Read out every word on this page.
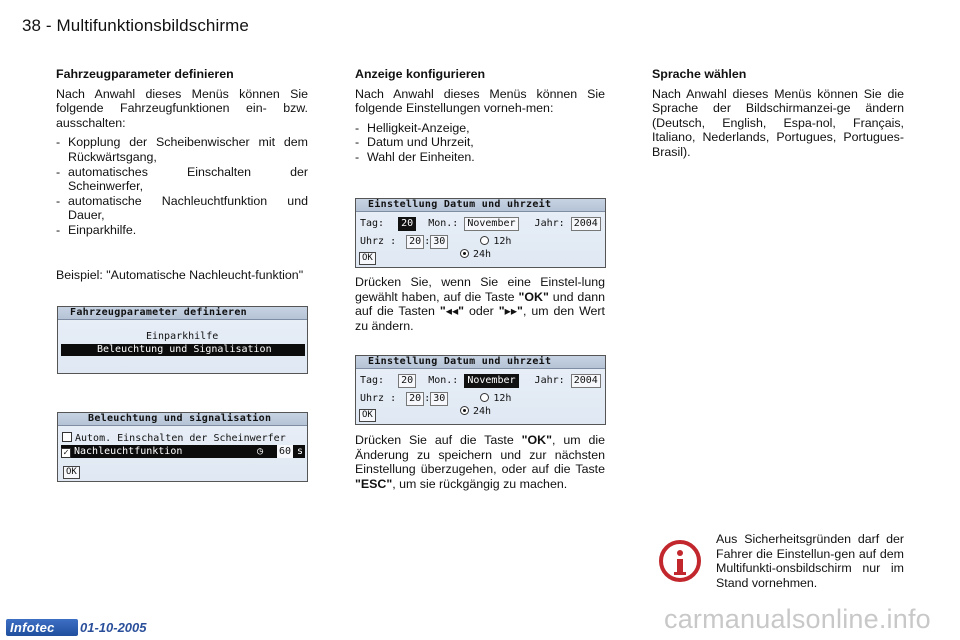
38 - Multifunktionsbildschirme
Fahrzeugparameter definieren

Nach Anwahl dieses Menüs können Sie folgende Fahrzeugfunktionen ein- bzw. ausschalten:

- Kopplung der Scheibenwischer mit dem Rückwärtsgang,
- automatisches Einschalten der Scheinwerfer,
- automatische Nachleuchtfunktion und Dauer,
- Einparkhilfe.
Beispiel: "Automatische Nachleucht-funktion"
Fahrzeugparameter definieren
Einparkhilfe
Beleuchtung und Signalisation
Beleuchtung und signalisation
Autom. Einschalten der Scheinwerfer
✓ Nachleuchtfunktion	◷ 60 s
OK
Anzeige konfigurieren

Nach Anwahl dieses Menüs können Sie folgende Einstellungen vorneh-men:

- Helligkeit-Anzeige,
- Datum und Uhrzeit,
- Wahl der Einheiten.
Einstellung Datum und uhrzeit
Tag: 20 Mon.: November Jahr: 2004
Uhrz : 20 : 30	12h
24h
OK
Drücken Sie, wenn Sie eine Einstel-lung gewählt haben, auf die Taste "OK" und dann auf die Tasten "◂◂" oder "▸▸", um den Wert zu ändern.
Einstellung Datum und uhrzeit
Tag: 20 Mon.: November Jahr: 2004
Uhrz : 20 : 30	12h
24h
OK
Drücken Sie auf die Taste "OK", um die Änderung zu speichern und zur nächsten Einstellung überzugehen, oder auf die Taste "ESC", um sie rückgängig zu machen.
Sprache wählen

Nach Anwahl dieses Menüs können Sie die Sprache der Bildschirmanzei-ge ändern (Deutsch, English, Espa-nol, Français, Italiano, Nederlands, Portugues, Portugues-Brasil).

Aus Sicherheitsgründen darf der Fahrer die Einstellun-gen auf dem Multifunkti-onsbildschirm nur im Stand vornehmen.
Infotec	01-10-2005	carmanualsonline.info
